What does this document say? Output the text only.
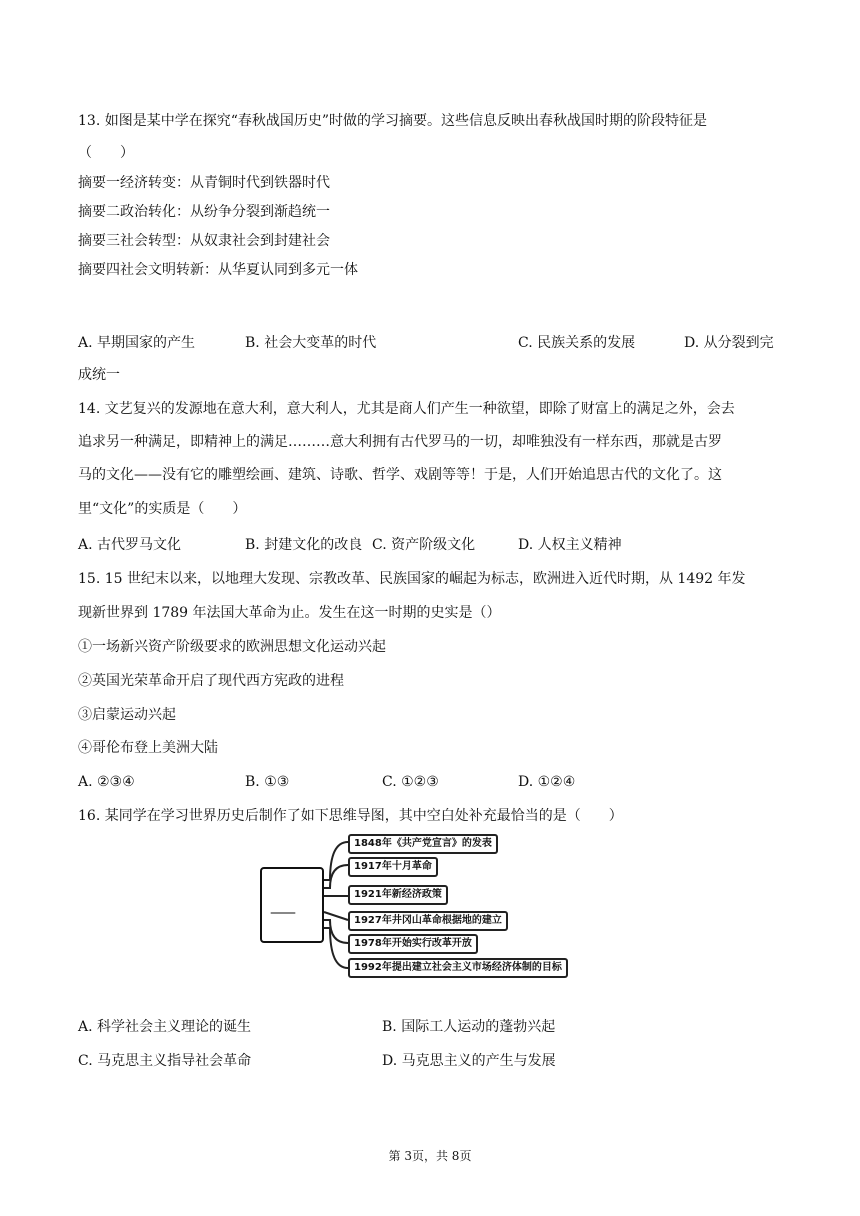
13. 如图是某中学在探究“春秋战国历史”时做的学习摘要。这些信息反映出春秋战国时期的阶段特征是
（　　）
摘要一经济转变：从青铜时代到铁器时代
摘要二政治转化：从纷争分裂到渐趋统一
摘要三社会转型：从奴隶社会到封建社会
摘要四社会文明转新：从华夏认同到多元一体
A. 早期国家的产生	B. 社会大变革的时代	C. 民族关系的发展	D. 从分裂到完
成统一
14. 文艺复兴的发源地在意大利，意大利人，尤其是商人们产生一种欲望，即除了财富上的满足之外，会去
追求另一种满足，即精神上的满足………意大利拥有古代罗马的一切，却唯独没有一样东西，那就是古罗
马的文化——没有它的雕塑绘画、建筑、诗歌、哲学、戏剧等等！于是，人们开始追思古代的文化了。这
里“文化”的实质是（　　）
A. 古代罗马文化	B. 封建文化的改良 C. 资产阶级文化	D. 人权主义精神
15. 15 世纪末以来，以地理大发现、宗教改革、民族国家的崛起为标志，欧洲进入近代时期，从 1492 年发
现新世界到 1789 年法国大革命为止。发生在这一时期的史实是（）
①一场新兴资产阶级要求的欧洲思想文化运动兴起
②英国光荣革命开启了现代西方宪政的进程
③启蒙运动兴起
④哥伦布登上美洲大陆
A. ②③④	B. ①③	C. ①②③	D. ①②④
16. 某同学在学习世界历史后制作了如下思维导图，其中空白处补充最恰当的是（　　）
——
1848年《共产党宣言》的发表
1917年十月革命
1921年新经济政策
1927年井冈山革命根据地的建立
1978年开始实行改革开放
1992年提出建立社会主义市场经济体制的目标
A. 科学社会主义理论的诞生	B. 国际工人运动的蓬勃兴起
C. 马克思主义指导社会革命	D. 马克思主义的产生与发展
第 3页，共 8页
